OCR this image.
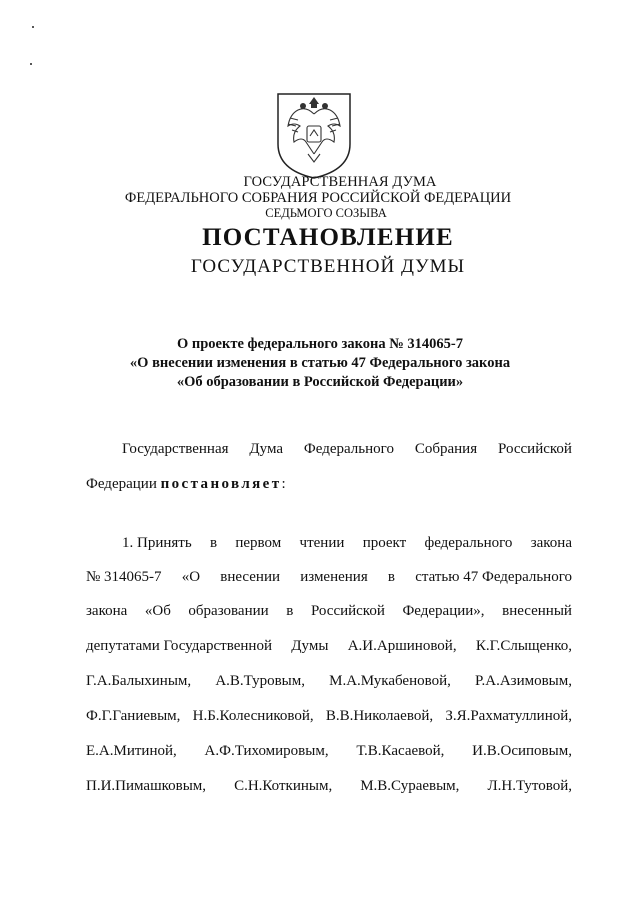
ГОСУДАРСТВЕННАЯ ДУМА
ФЕДЕРАЛЬНОГО СОБРАНИЯ РОССИЙСКОЙ ФЕДЕРАЦИИ
СЕДЬМОГО СОЗЫВА
ПОСТАНОВЛЕНИЕ
ГОСУДАРСТВЕННОЙ ДУМЫ
О проекте федерального закона № 314065-7
«О внесении изменения в статью 47 Федерального закона
«Об образовании в Российской Федерации»
Государственная Дума Федерального Собрания Российской
Федерации постановляет :
1. Принять в первом чтении проект федерального закона
№ 314065-7 «О внесении изменения в статью 47 Федерального
закона «Об образовании в Российской Федерации», внесенный
депутатами Государственной Думы А.И.Аршиновой, К.Г.Слыщенко,
Г.А.Балыхиным, А.В.Туровым, М.А.Мукабеновой, Р.А.Азимовым,
Ф.Г.Ганиевым, Н.Б.Колесниковой, В.В.Николаевой, З.Я.Рахматуллиной,
Е.А.Митиной, А.Ф.Тихомировым, Т.В.Касаевой, И.В.Осиповым,
П.И.Пимашковым, С.Н.Коткиным, М.В.Сураевым, Л.Н.Тутовой,
